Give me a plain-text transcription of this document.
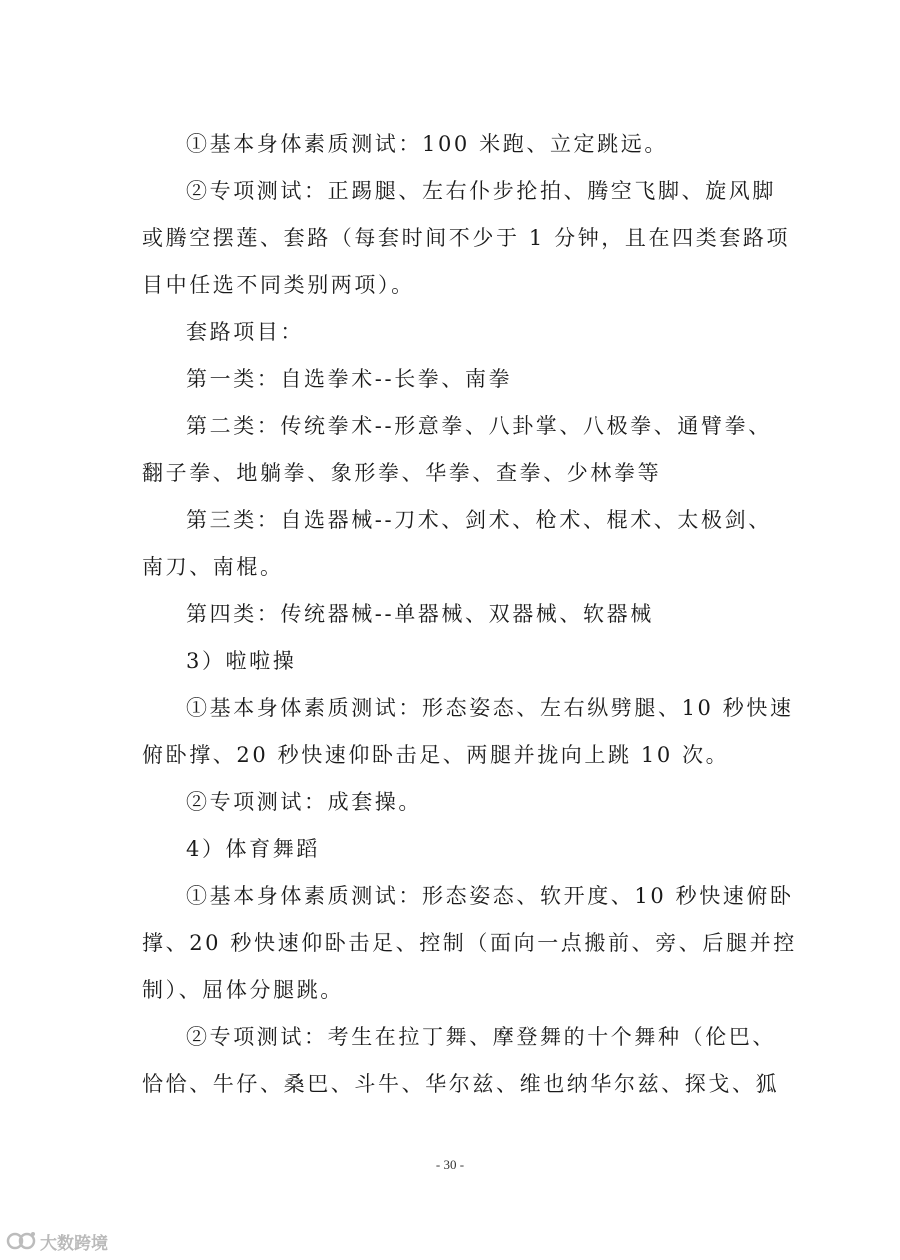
①基本身体素质测试：100 米跑、立定跳远。
②专项测试：正踢腿、左右仆步抡拍、腾空飞脚、旋风脚
或腾空摆莲、套路（每套时间不少于 1 分钟，且在四类套路项
目中任选不同类别两项）。
套路项目：
第一类：自选拳术--长拳、南拳
第二类：传统拳术--形意拳、八卦掌、八极拳、通臂拳、
翻子拳、地躺拳、象形拳、华拳、查拳、少林拳等
第三类：自选器械--刀术、剑术、枪术、棍术、太极剑、
南刀、南棍。
第四类：传统器械--单器械、双器械、软器械
3）啦啦操
①基本身体素质测试：形态姿态、左右纵劈腿、10 秒快速
俯卧撑、20 秒快速仰卧击足、两腿并拢向上跳 10 次。
②专项测试：成套操。
4）体育舞蹈
①基本身体素质测试：形态姿态、软开度、10 秒快速俯卧
撑、20 秒快速仰卧击足、控制（面向一点搬前、旁、后腿并控
制）、屈体分腿跳。
②专项测试：考生在拉丁舞、摩登舞的十个舞种（伦巴、
恰恰、牛仔、桑巴、斗牛、华尔兹、维也纳华尔兹、探戈、狐
- 30 -
大数跨境
